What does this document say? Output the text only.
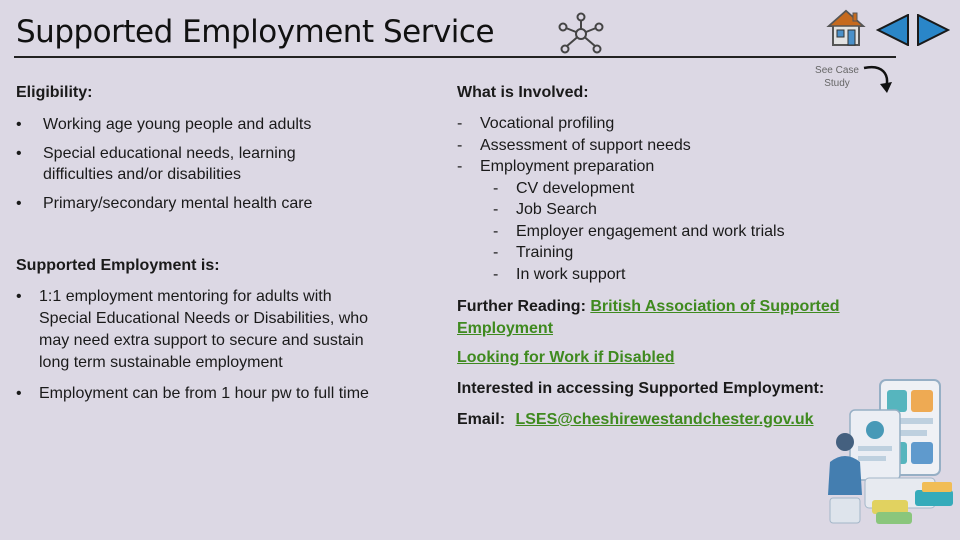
Supported Employment Service
See Case Study
Eligibility:
• Working age young people and adults
• Special educational needs, learning difficulties and/or disabilities
• Primary/secondary mental health care
Supported Employment is:
• 1:1 employment mentoring for adults with Special Educational Needs or Disabilities, who may need extra support to secure and sustain long term sustainable employment
• Employment can be from 1 hour pw to full time
What is Involved:
- Vocational profiling
- Assessment of support needs
- Employment preparation
- CV development
- Job Search
- Employer engagement and work trials
- Training
- In work support
Further Reading: British Association of Supported Employment
Looking for Work if Disabled
Interested in accessing Supported Employment:
Email: LSES@cheshirewestandchester.gov.uk
